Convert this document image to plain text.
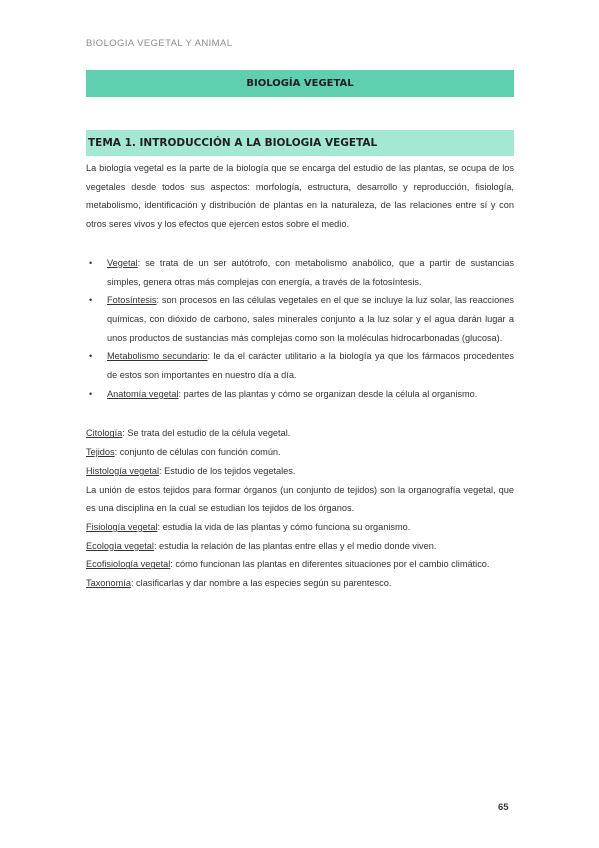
BIOLOGIA VEGETAL Y ANIMAL
BIOLOGÍA VEGETAL
TEMA 1. INTRODUCCIÓN A LA BIOLOGIA VEGETAL

La biología vegetal es la parte de la biología que se encarga del estudio de las plantas, se ocupa de los vegetales desde todos sus aspectos: morfología, estructura, desarrollo y reproducción, fisiología, metabolismo, identificación y distribución de plantas en la naturaleza, de las relaciones entre sí y con otros seres vivos y los efectos que ejercen estos sobre el medio.

• Vegetal: se trata de un ser autótrofo, con metabolismo anabólico, que a partir de sustancias simples, genera otras más complejas con energía, a través de la fotosíntesis.
• Fotosíntesis: son procesos en las células vegetales en el que se incluye la luz solar, las reacciones químicas, con dióxido de carbono, sales minerales conjunto a la luz solar y el agua darán lugar a unos productos de sustancias más complejas como son la moléculas hidrocarbonadas (glucosa).
• Metabolismo secundario: le da el carácter utilitario a la biología ya que los fármacos procedentes de estos son importantes en nuestro día a día.
• Anatomía vegetal: partes de las plantas y cómo se organizan desde la célula al organismo.

Citología: Se trata del estudio de la célula vegetal.

Tejidos: conjunto de células con función común.

Histología vegetal: Estudio de los tejidos vegetales.

La unión de estos tejidos para formar órganos (un conjunto de tejidos) son la organografía vegetal, que es una disciplina en la cual se estudian los tejidos de los órganos.

Fisiología vegetal: estudia la vida de las plantas y cómo funciona su organismo.

Ecología vegetal: estudia la relación de las plantas entre ellas y el medio donde viven.

Ecofisiología vegetal: cómo funcionan las plantas en diferentes situaciones por el cambio climático.

Taxonomía: clasificarlas y dar nombre a las especies según su parentesco.

65
